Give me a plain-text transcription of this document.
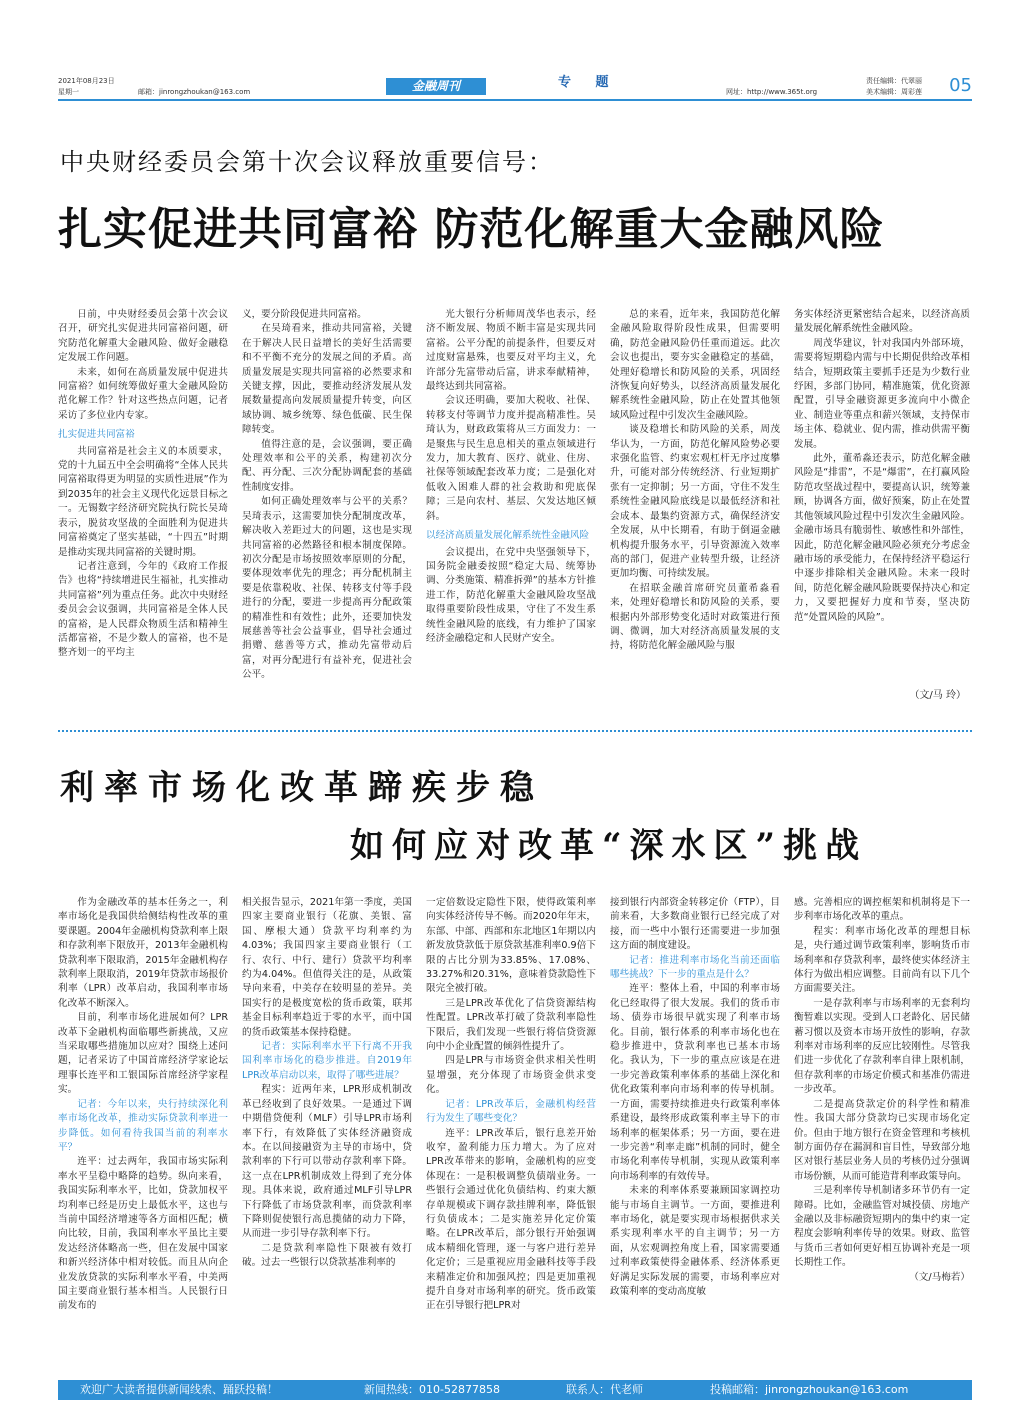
2021年08月23日
星期一	邮箱：jinrongzhoukan@163.com	金融周刊	专 题
网址：http://www.365t.org
责任编辑：代翠丽
美术编辑：周彩莲 05
中央财经委员会第十次会议释放重要信号：
扎实促进共同富裕 防范化解重大金融风险

日前，中央财经委员会第十次会议召开，研究扎实促进共同富裕问题，研究防范化解重大金融风险、做好金融稳定发展工作问题。

未来，如何在高质量发展中促进共同富裕？如何统筹做好重大金融风险防范化解工作？针对这些热点问题，记者采访了多位业内专家。

扎实促进共同富裕

共同富裕是社会主义的本质要求，党的十九届五中全会明确将“全体人民共同富裕取得更为明显的实质性进展”作为到2035年的社会主义现代化远景目标之一。无锡数字经济研究院执行院长吴琦表示，脱贫攻坚战的全面胜利为促进共同富裕奠定了坚实基础，“十四五”时期是推动实现共同富裕的关键时期。

记者注意到，今年的《政府工作报告》也将“持续增进民生福祉，扎实推动共同富裕”列为重点任务。此次中央财经委员会会议强调，共同富裕是全体人民的富裕，是人民群众物质生活和精神生活都富裕，不是少数人的富裕，也不是整齐划一的平均主

义，要分阶段促进共同富裕。

在吴琦看来，推动共同富裕，关键在于解决人民日益增长的美好生活需要和不平衡不充分的发展之间的矛盾。高质量发展是实现共同富裕的必然要求和关键支撑，因此，要推动经济发展从发展数量提高向发展质量提升转变，向区域协调、城乡统筹、绿色低碳、民生保障转变。

值得注意的是，会议强调，要正确处理效率和公平的关系，构建初次分配、再分配、三次分配协调配套的基础性制度安排。

如何正确处理效率与公平的关系？吴琦表示，这需要加快分配制度改革，解决收入差距过大的问题，这也是实现共同富裕的必然路径和根本制度保障。初次分配是市场按照效率原则的分配，要体现效率优先的理念；再分配机制主要是依靠税收、社保、转移支付等手段进行的分配，要进一步提高再分配政策的精准性和有效性；此外，还要加快发展慈善等社会公益事业，倡导社会通过捐赠、慈善等方式，推动先富带动后富，对再分配进行有益补充，促进社会公平。

光大银行分析师周茂华也表示，经济不断发展、物质不断丰富是实现共同富裕。公平分配的前提条件，但要反对过度财富悬殊，也要反对平均主义，允许部分先富带动后富，讲求奉献精神，最终达到共同富裕。

会议还明确，要加大税收、社保、转移支付等调节力度并提高精准性。吴琦认为，财政政策将从三方面发力：一是聚焦与民生息息相关的重点领域进行发力，加大教育、医疗、就业、住房、社保等领域配套改革力度；二是强化对低收入困难人群的社会救助和兜底保障；三是向农村、基层、欠发达地区倾斜。

以经济高质量发展化解系统性金融风险

会议提出，在党中央坚强领导下，国务院金融委按照“稳定大局、统筹协调、分类施策、精准拆弹”的基本方针推进工作，防范化解重大金融风险攻坚战取得重要阶段性成果，守住了不发生系统性金融风险的底线，有力维护了国家经济金融稳定和人民财产安全。

总的来看，近年来，我国防范化解金融风险取得阶段性成果，但需要明确，防范金融风险仍任重而道远。此次会议也提出，要夯实金融稳定的基础，处理好稳增长和防风险的关系，巩固经济恢复向好势头，以经济高质量发展化解系统性金融风险，防止在处置其他领域风险过程中引发次生金融风险。

谈及稳增长和防风险的关系，周茂华认为，一方面，防范化解风险势必要求强化监管、约束宏观杠杆无序过度攀升，可能对部分传统经济、行业短期扩张有一定抑制；另一方面，守住不发生系统性金融风险底线是以最低经济和社会成本、最集约资源方式，确保经济安全发展，从中长期看，有助于倒逼金融机构提升服务水平，引导资源流入效率高的部门，促进产业转型升级，让经济更加均衡、可持续发展。

在招联金融首席研究员董希淼看来，处理好稳增长和防风险的关系，要根据内外部形势变化适时对政策进行预调、微调，加大对经济高质量发展的支持，将防范化解金融风险与服

务实体经济更紧密结合起来，以经济高质量发展化解系统性金融风险。

周茂华建议，针对我国内外部环境，需要将短期稳内需与中长期促供给改革相结合，短期政策主要抓手还是为少数行业纾困，多部门协同，精准施策，优化资源配置，引导金融资源更多流向中小微企业、制造业等重点和薪兴领域，支持保市场主体、稳就业、促内需，推动供需平衡发展。

此外，董希淼还表示，防范化解金融风险是“排雷”，不是“爆雷”，在打赢风险防范攻坚战过程中，要提高认识，统筹兼顾，协调各方面，做好预案，防止在处置其他领域风险过程中引发次生金融风险。金融市场具有脆弱性、敏感性和外部性，因此，防范化解金融风险必须充分考虑金融市场的承受能力，在保持经济平稳运行中逐步排除相关金融风险。未来一段时间，防范化解金融风险既要保持决心和定力，又要把握好力度和节奏，坚决防范“处置风险的风险”。

（文/马 玲）
利率市场化改革蹄疾步稳
如何应对改革“深水区”挑战

作为金融改革的基本任务之一，利率市场化是我国供给侧结构性改革的重要课题。2004年金融机构贷款利率上限和存款利率下限放开，2013年金融机构贷款利率下限取消，2015年金融机构存款利率上限取消，2019年贷款市场报价利率（LPR）改革启动，我国利率市场化改革不断深入。

目前，利率市场化进展如何？LPR改革下金融机构面临哪些新挑战，又应当采取哪些措施加以应对？围绕上述问题，记者采访了中国首席经济学家论坛理事长连平和工银国际首席经济学家程实。

记者：今年以来，央行持续深化利率市场化改革，推动实际贷款利率进一步降低。如何看待我国当前的利率水平？

连平：过去两年，我国市场实际利率水平呈稳中略降的趋势。纵向来看，我国实际利率水平，比如，贷款加权平均利率已经是历史上最低水平，这也与当前中国经济增速等各方面相匹配；横向比较，目前，我国利率水平虽比主要发达经济体略高一些，但在发展中国家和新兴经济体中相对较低。而且从向企业发放贷款的实际利率水平看，中美两国主要商业银行基本相当。人民银行日前发布的

相关报告显示，2021年第一季度，美国四家主要商业银行（花旗、美银、富国、摩根大通）贷款平均利率约为4.03%；我国四家主要商业银行（工行、农行、中行、建行）贷款平均利率约为4.04%。但值得关注的是，从政策导向来看，中美存在较明显的差异。美国实行的是极度宽松的货币政策，联邦基金目标利率趋近于零的水平，而中国的货币政策基本保持稳健。

记者：实际利率水平下行离不开我国利率市场化的稳步推进。自2019年LPR改革启动以来，取得了哪些进展？

程实：近两年来，LPR形成机制改革已经收到了良好效果。一是通过下调中期借贷便利（MLF）引导LPR市场利率下行，有效降低了实体经济融资成本。在以间接融资为主导的市场中，贷款利率的下行可以带动存款利率下降。这一点在LPR机制成效上得到了充分体现。具体来说，政府通过MLF引导LPR下行降低了市场贷款利率，而贷款利率下降则促使银行高息揽储的动力下降，从而进一步引导存款利率下行。

二是贷款利率隐性下限被有效打破。过去一些银行以贷款基准利率的

一定倍数设定隐性下限，使得政策利率向实体经济传导不畅。而2020年年末，东部、中部、西部和东北地区1年期以内新发放贷款低于原贷款基准利率0.9倍下限的占比分别为33.85%、17.08%、33.27%和20.31%，意味着贷款隐性下限完全被打破。

三是LPR改革优化了信贷资源结构性配置。LPR改革打破了贷款利率隐性下限后，我们发现一些银行将信贷资源向中小企业配置的倾斜性提升了。

四是LPR与市场资金供求相关性明显增强，充分体现了市场资金供求变化。

记者：LPR改革后，金融机构经营行为发生了哪些变化？

连平：LPR改革后，银行息差开始收窄，盈利能力压力增大。为了应对LPR改革带来的影响，金融机构的应变体现在：一是积极调整负债端业务。一些银行会通过优化负债结构、约束大额存单规模或下调存款挂牌利率，降低银行负债成本；二是实施差异化定价策略。在LPR改革后，部分银行开始强调成本精细化管理，逐一与客户进行差异化定价；三是重视应用金融科技等手段来精准定价和加强风控；四是更加重视提升自身对市场利率的研究。货币政策正在引导银行把LPR对

接到银行内部资金转移定价（FTP），目前来看，大多数商业银行已经完成了对接，而一些中小银行还需要进一步加强这方面的制度建设。

记者：推进利率市场化当前还面临哪些挑战？下一步的重点是什么？

连平：整体上看，中国的利率市场化已经取得了很大发展。我们的货币市场、债券市场很早就实现了利率市场化。目前，银行体系的利率市场化也在稳步推进中，贷款利率也已基本市场化。我认为，下一步的重点应该是在进一步完善政策利率体系的基础上深化和优化政策利率向市场利率的传导机制。一方面，需要持续推进央行政策利率体系建设，最终形成政策利率主导下的市场利率的框架体系；另一方面，要在进一步完善“利率走廊”机制的同时，健全市场化利率传导机制，实现从政策利率向市场利率的有效传导。

未来的利率体系要兼顾国家调控功能与市场自主调节。一方面，要推进利率市场化，就是要实现市场根据供求关系实现利率水平的自主调节；另一方面，从宏观调控角度上看，国家需要通过利率政策使得金融体系、经济体系更好满足实际发展的需要，市场利率应对政策利率的变动高度敏

感。完善相应的调控框架和机制将是下一步利率市场化改革的重点。

程实：利率市场化改革的理想目标是，央行通过调节政策利率，影响货币市场利率和存贷款利率，最终使实体经济主体行为做出相应调整。目前尚有以下几个方面需要关注。

一是存款利率与市场利率的无套利均衡暂难以实现。受到人口老龄化、居民储蓄习惯以及资本市场开放性的影响，存款利率对市场利率的反应比较刚性。尽管我们进一步优化了存款利率自律上限机制，但存款利率的市场定价模式和基准仍需进一步改革。

二是提高贷款定价的科学性和精准性。我国大部分贷款均已实现市场化定价。但由于地方银行在资金管理和考核机制方面仍存在漏洞和盲目性，导致部分地区对银行基层业务人员的考核仍过分强调市场份额，从而可能造背利率政策导向。

三是利率传导机制诸多环节仍有一定障碍。比如，金融监管对城投债、房地产金融以及非标融资短期内的集中约束一定程度会影响利率传导的效果。财政、监管与货币三者如何更好相互协调补充是一项长期性工作。

（文/马梅若）
欢迎广大读者提供新闻线索、踊跃投稿！	新闻热线：010-52877858	联系人：代老师	投稿邮箱：jinrongzhoukan@163.com
